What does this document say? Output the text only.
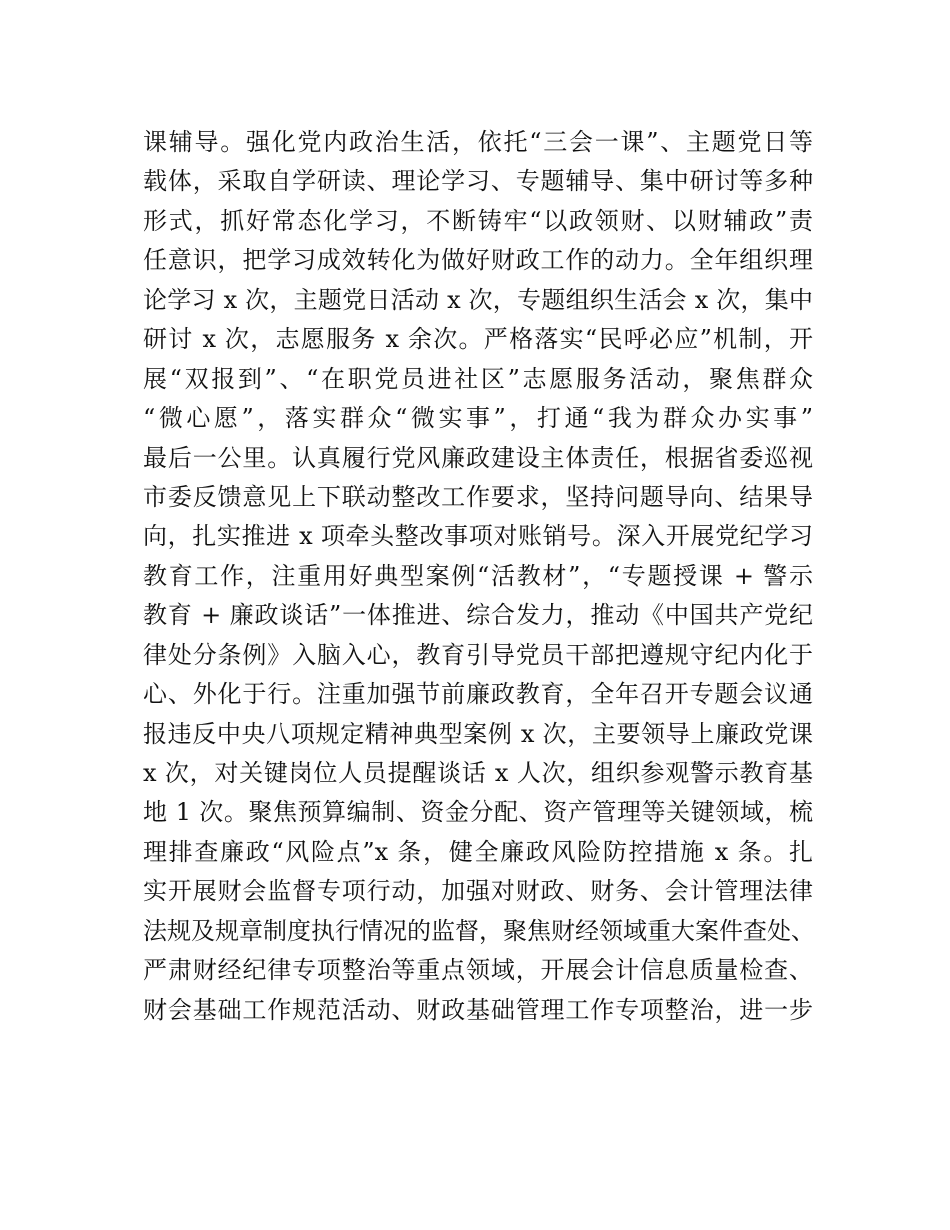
课辅导。强化党内政治生活，依托“三会一课”、主题党日等
载体，采取自学研读、理论学习、专题辅导、集中研讨等多种
形式，抓好常态化学习，不断铸牢“以政领财、以财辅政”责
任意识，把学习成效转化为做好财政工作的动力。全年组织理
论学习 x 次，主题党日活动 x 次，专题组织生活会 x 次，集中
研讨 x 次，志愿服务 x 余次。严格落实“民呼必应”机制，开
展“双报到”、“在职党员进社区”志愿服务活动，聚焦群众
“微心愿”，落实群众“微实事”，打通“我为群众办实事”
最后一公里。认真履行党风廉政建设主体责任，根据省委巡视
市委反馈意见上下联动整改工作要求，坚持问题导向、结果导
向，扎实推进 x 项牵头整改事项对账销号。深入开展党纪学习
教育工作，注重用好典型案例“活教材”，“专题授课 + 警示
教育 + 廉政谈话”一体推进、综合发力，推动《中国共产党纪
律处分条例》入脑入心，教育引导党员干部把遵规守纪内化于
心、外化于行。注重加强节前廉政教育，全年召开专题会议通
报违反中央八项规定精神典型案例 x 次，主要领导上廉政党课
x 次，对关键岗位人员提醒谈话 x 人次，组织参观警示教育基
地 1 次。聚焦预算编制、资金分配、资产管理等关键领域，梳
理排查廉政“风险点”x 条，健全廉政风险防控措施 x 条。扎
实开展财会监督专项行动，加强对财政、财务、会计管理法律
法规及规章制度执行情况的监督，聚焦财经领域重大案件查处、
严肃财经纪律专项整治等重点领域，开展会计信息质量检查、
财会基础工作规范活动、财政基础管理工作专项整治，进一步
